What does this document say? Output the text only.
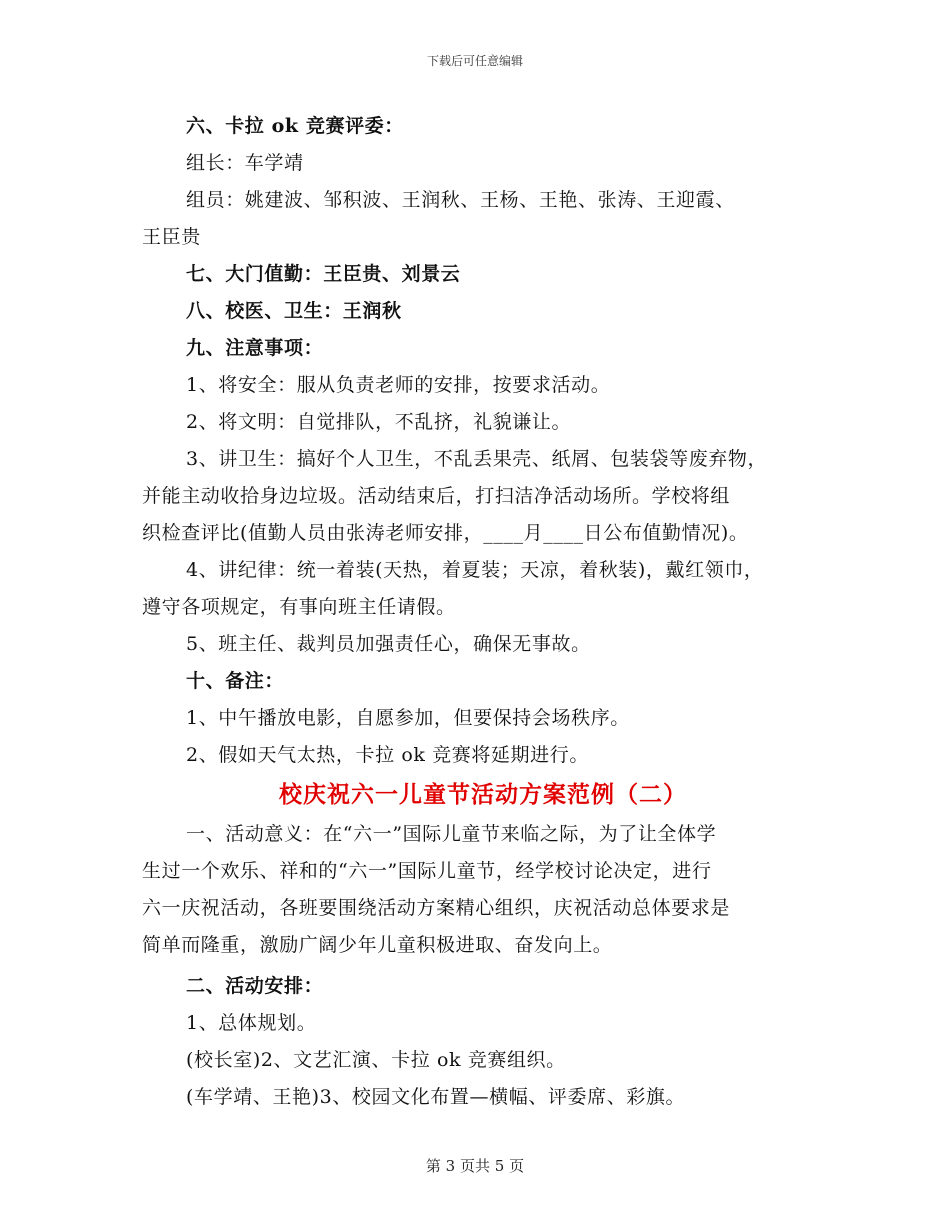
下载后可任意编辑
六、卡拉 ok 竞赛评委：
组长：车学靖
组员：姚建波、邹积波、王润秋、王杨、王艳、张涛、王迎霞、
王臣贵
七、大门值勤：王臣贵、刘景云
八、校医、卫生：王润秋
九、注意事项：
1、将安全：服从负责老师的安排，按要求活动。
2、将文明：自觉排队，不乱挤，礼貌谦让。
3、讲卫生：搞好个人卫生，不乱丢果壳、纸屑、包装袋等废弃物，
并能主动收拾身边垃圾。活动结束后，打扫洁净活动场所。学校将组
织检查评比(值勤人员由张涛老师安排，____月____日公布值勤情况)。
4、讲纪律：统一着装(天热，着夏装；天凉，着秋装)，戴红领巾，
遵守各项规定，有事向班主任请假。
5、班主任、裁判员加强责任心，确保无事故。
十、备注：
1、中午播放电影，自愿参加，但要保持会场秩序。
2、假如天气太热，卡拉 ok 竞赛将延期进行。
校庆祝六一儿童节活动方案范例（二）
一、活动意义：在“六一”国际儿童节来临之际，为了让全体学
生过一个欢乐、祥和的“六一”国际儿童节，经学校讨论决定，进行
六一庆祝活动，各班要围绕活动方案精心组织，庆祝活动总体要求是
简单而隆重，激励广阔少年儿童积极进取、奋发向上。
二、活动安排：
1、总体规划。
(校长室)2、文艺汇演、卡拉 ok 竞赛组织。
(车学靖、王艳)3、校园文化布置—横幅、评委席、彩旗。
第 3 页共 5 页
